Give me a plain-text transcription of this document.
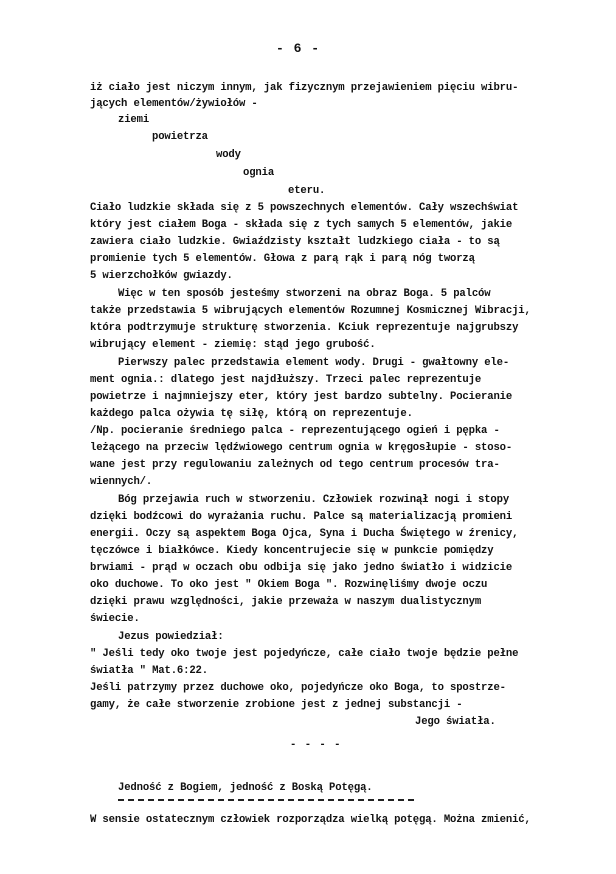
- 6 -
iż ciało jest niczym innym, jak fizycznym przejawieniem pięciu wibru-
jących elementów/żywiołów -
ziemi
powietrza
wody
ognia
eteru.
Ciało ludzkie składa się z 5 powszechnych elementów. Cały wszechświat
który jest ciałem Boga - składa się z tych samych 5 elementów, jakie
zawiera ciało ludzkie. Gwiaździsty kształt ludzkiego ciała - to są
promienie tych 5 elementów. Głowa z parą rąk i parą nóg tworzą
5 wierzchołków gwiazdy.
Więc w ten sposób jesteśmy stworzeni na obraz Boga. 5 palców
także przedstawia 5 wibrujących elementów Rozumnej Kosmicznej Wibracji,
która podtrzymuje strukturę stworzenia. Kciuk reprezentuje najgrubszy
wibrujący element - ziemię: stąd jego grubość.
Pierwszy palec przedstawia element wody. Drugi - gwałtowny ele-
ment ognia.: dlatego jest najdłuższy. Trzeci palec reprezentuje
powietrze i najmniejszy eter, który jest bardzo subtelny. Pocieranie
każdego palca ożywia tę siłę, którą on reprezentuje.
/Np. pocieranie średniego palca - reprezentującego ogień i pępka -
leżącego na przeciw lędźwiowego centrum ognia w kręgosłupie - stoso-
wane jest przy regulowaniu zależnych od tego centrum procesów tra-
wiennych/.
Bóg przejawia ruch w stworzeniu. Człowiek rozwinął nogi i stopy
dzięki bodźcowi do wyrażania ruchu. Palce są materializacją promieni
energii. Oczy są aspektem Boga Ojca, Syna i Ducha Świętego w źrenicy,
tęczówce i białkówce. Kiedy koncentrujecie się w punkcie pomiędzy
brwiami - prąd w oczach obu odbija się jako jedno światło i widzicie
oko duchowe. To oko jest " Okiem Boga ". Rozwinęliśmy dwoje oczu
dzięki prawu względności, jakie przeważa w naszym dualistycznym
świecie.
Jezus powiedział:
" Jeśli tedy oko twoje jest pojedyńcze, całe ciało twoje będzie pełne
światła " Mat.6:22.
Jeśli patrzymy przez duchowe oko, pojedyńcze oko Boga, to spostrze-
gamy, że całe stworzenie zrobione jest z jednej substancji -
Jego światła.
- - - -
Jedność z Bogiem, jedność z Boską Potęgą.
W sensie ostatecznym człowiek rozporządza wielką potęgą. Można zmienić,
